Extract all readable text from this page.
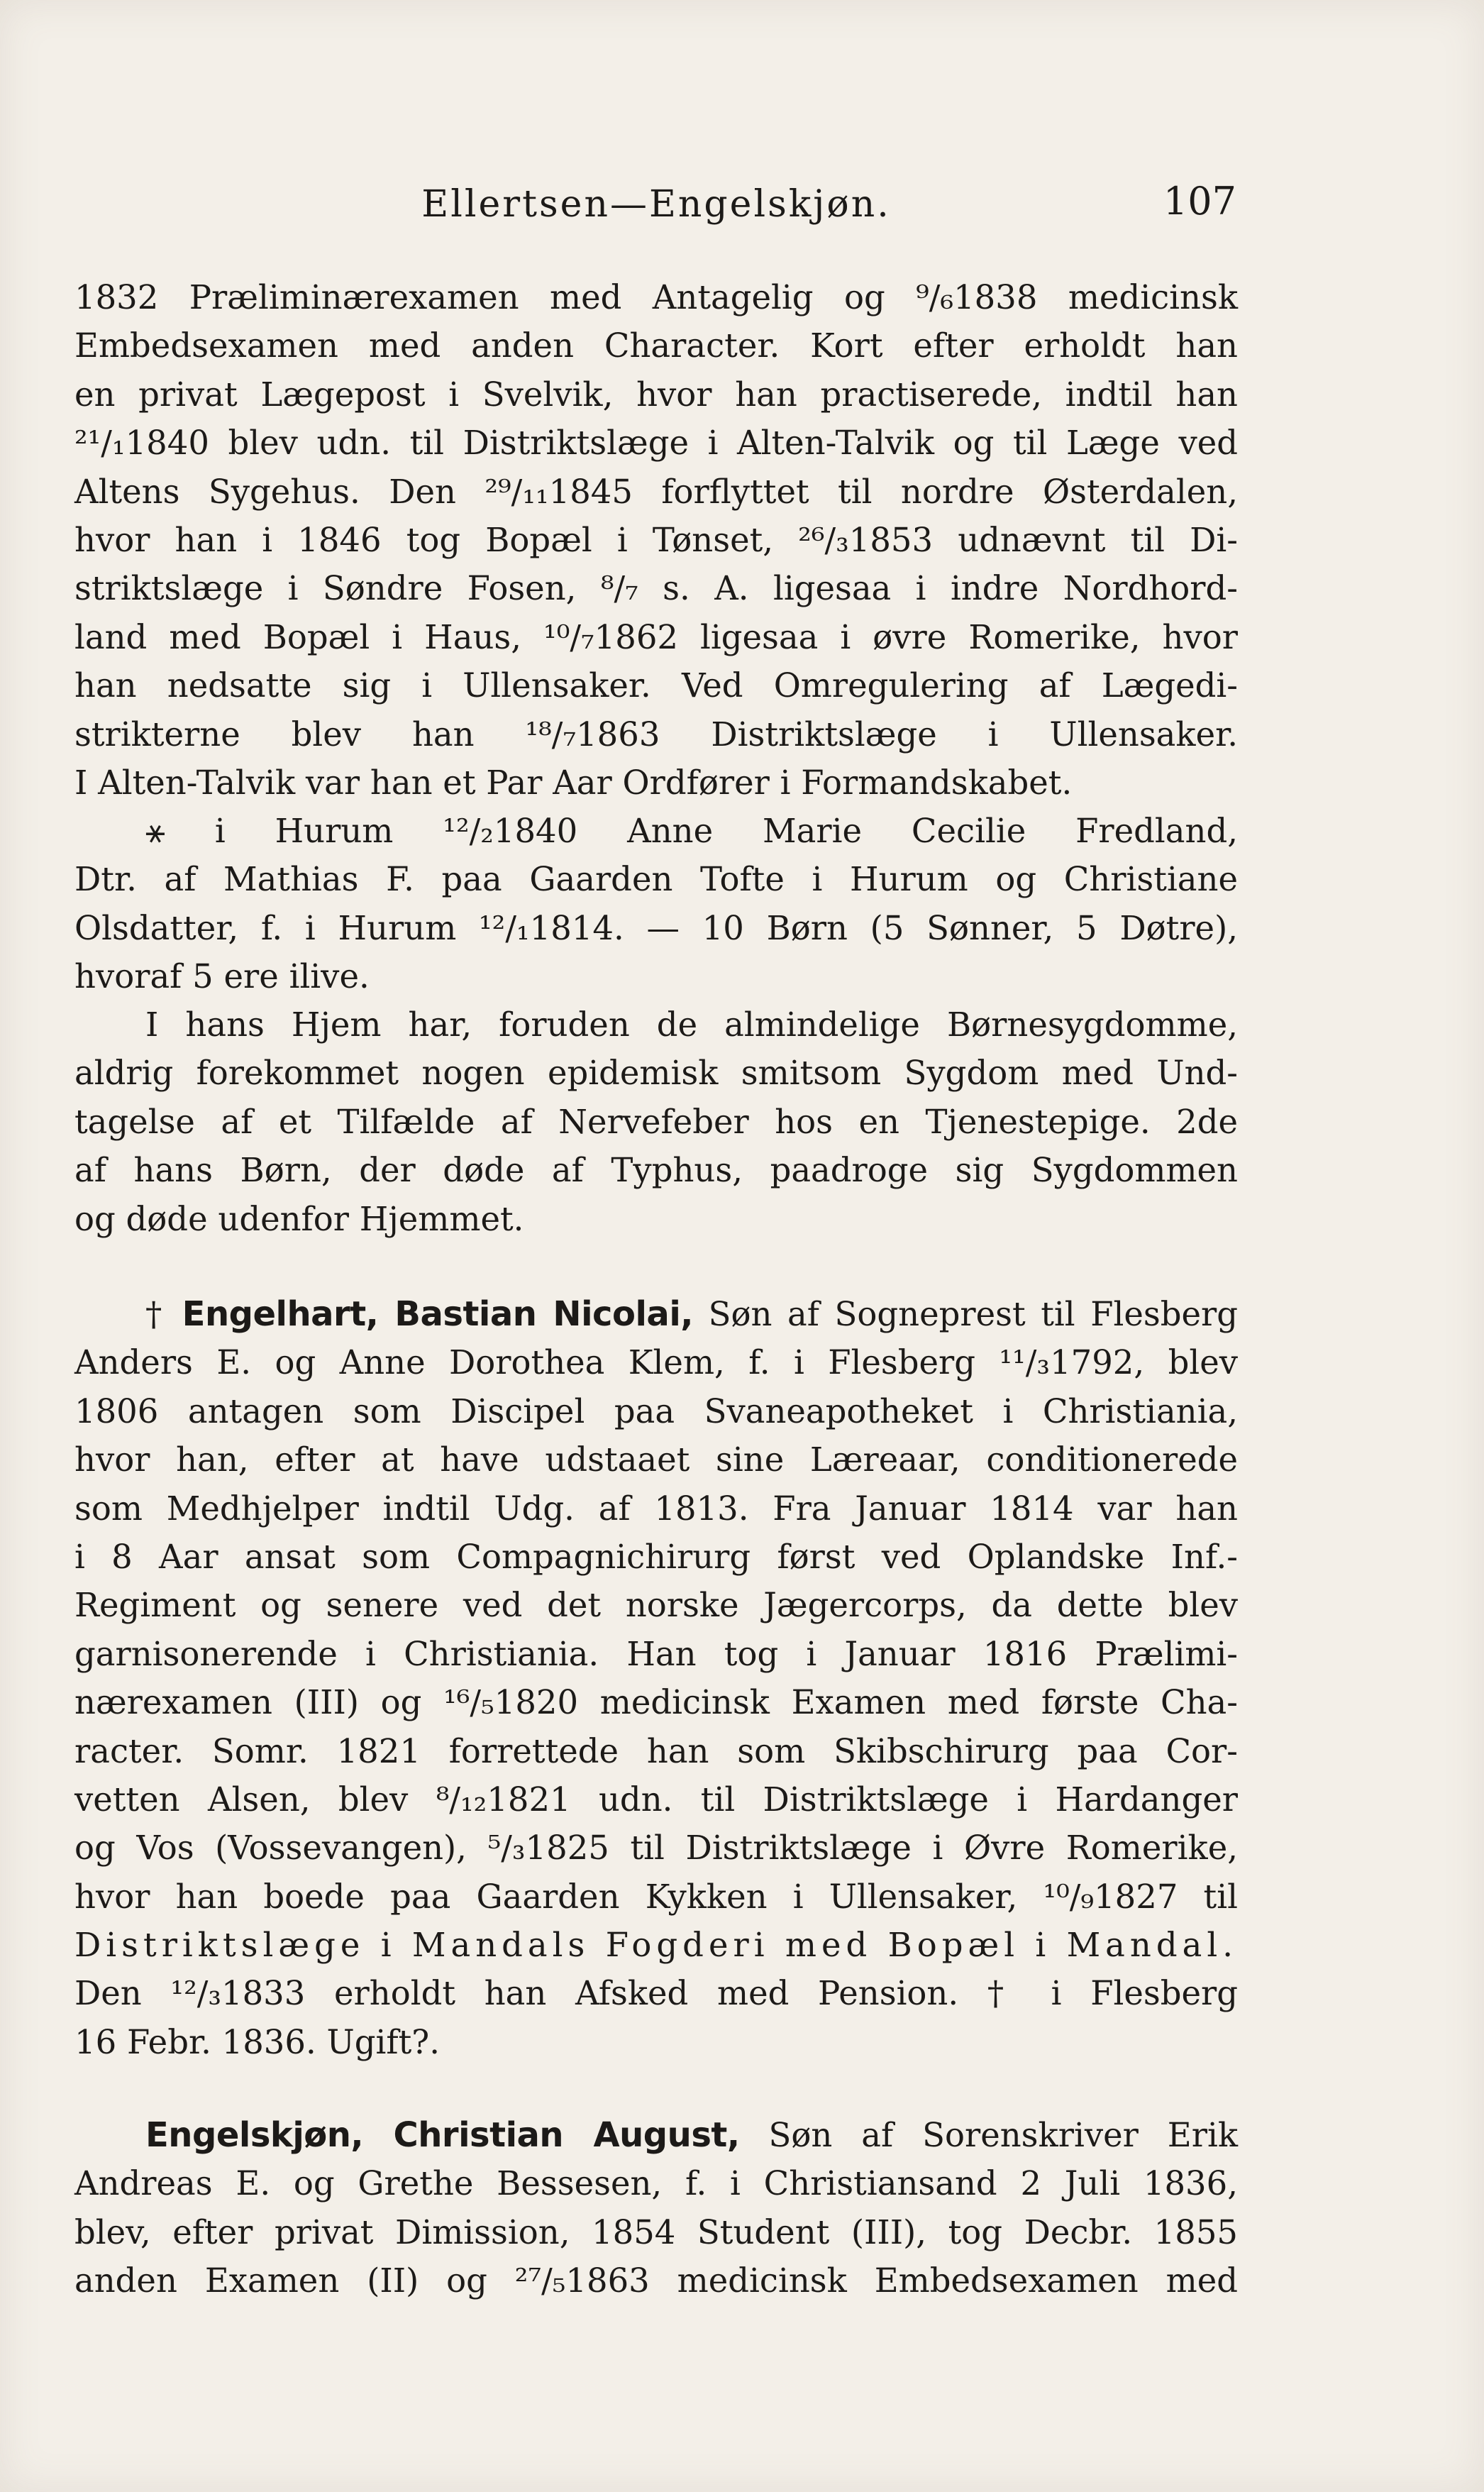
Ellertsen—Engelskjøn.	107
1832 Præliminærexamen med Antagelig og ⁹/₆1838 medicinsk
Embedsexamen med anden Character. Kort efter erholdt han
en privat Lægepost i Svelvik, hvor han practiserede, indtil han
²¹/₁1840 blev udn. til Distriktslæge i Alten-Talvik og til Læge ved
Altens Sygehus. Den ²⁹/₁₁1845 forflyttet til nordre Østerdalen,
hvor han i 1846 tog Bopæl i Tønset, ²⁶/₃1853 udnævnt til Di-
striktslæge i Søndre Fosen, ⁸/₇ s. A. ligesaa i indre Nordhord-
land med Bopæl i Haus, ¹⁰/₇1862 ligesaa i øvre Romerike, hvor
han nedsatte sig i Ullensaker. Ved Omregulering af Lægedi-
strikterne blev han ¹⁸/₇1863 Distriktslæge i Ullensaker.
I Alten-Talvik var han et Par Aar Ordfører i Formandskabet.
⚹ i Hurum ¹²/₂1840 Anne Marie Cecilie Fredland,
Dtr. af Mathias F. paa Gaarden Tofte i Hurum og Christiane
Olsdatter, f. i Hurum ¹²/₁1814. — 10 Børn (5 Sønner, 5 Døtre),
hvoraf 5 ere ilive.
I hans Hjem har, foruden de almindelige Børnesygdomme,
aldrig forekommet nogen epidemisk smitsom Sygdom med Und-
tagelse af et Tilfælde af Nervefeber hos en Tjenestepige. 2de
af hans Børn, der døde af Typhus, paadroge sig Sygdommen
og døde udenfor Hjemmet.
† Engelhart, Bastian Nicolai, Søn af Sogneprest til Flesberg
Anders E. og Anne Dorothea Klem, f. i Flesberg ¹¹/₃1792, blev
1806 antagen som Discipel paa Svaneapotheket i Christiania,
hvor han, efter at have udstaaet sine Læreaar, conditionerede
som Medhjelper indtil Udg. af 1813. Fra Januar 1814 var han
i 8 Aar ansat som Compagnichirurg først ved Oplandske Inf.-
Regiment og senere ved det norske Jægercorps, da dette blev
garnisonerende i Christiania. Han tog i Januar 1816 Prælimi-
nærexamen (III) og ¹⁶/₅1820 medicinsk Examen med første Cha-
racter. Somr. 1821 forrettede han som Skibschirurg paa Cor-
vetten Alsen, blev ⁸/₁₂1821 udn. til Distriktslæge i Hardanger
og Vos (Vossevangen), ⁵/₃1825 til Distriktslæge i Øvre Romerike,
hvor han boede paa Gaarden Kykken i Ullensaker, ¹⁰/₉1827 til
Distriktslæge i Mandals Fogderi med Bopæl i Mandal.
Den ¹²/₃1833 erholdt han Afsked med Pension. † i Flesberg
16 Febr. 1836. Ugift?.
Engelskjøn, Christian August, Søn af Sorenskriver Erik
Andreas E. og Grethe Bessesen, f. i Christiansand 2 Juli 1836,
blev, efter privat Dimission, 1854 Student (III), tog Decbr. 1855
anden Examen (II) og ²⁷/₅1863 medicinsk Embedsexamen med
